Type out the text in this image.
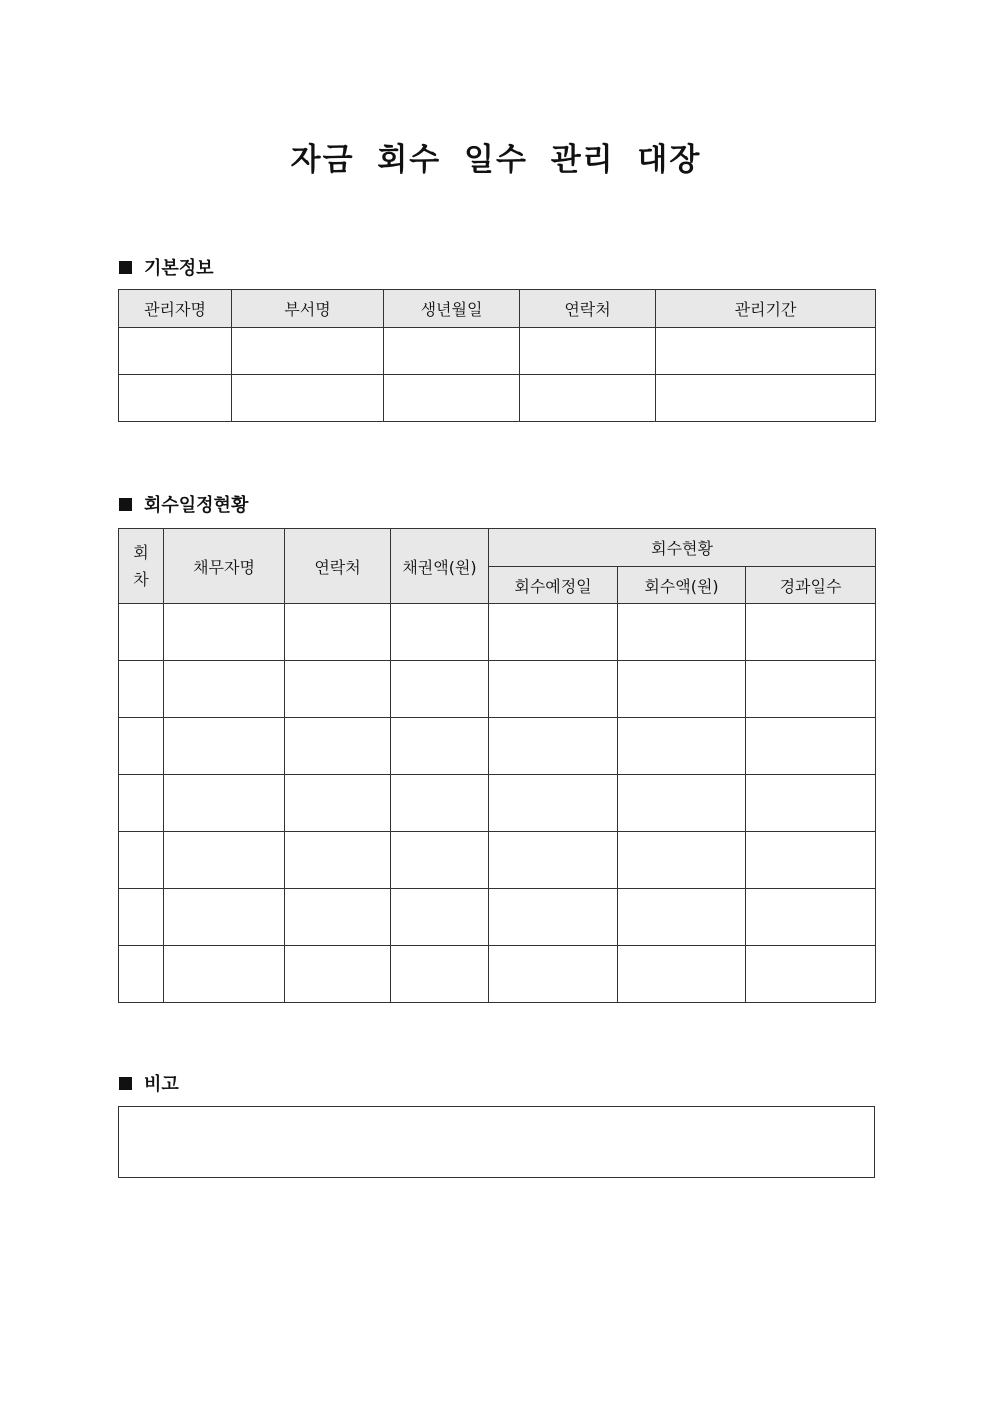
자금 회수 일수 관리 대장
기본정보
관리자명	부서명	생년월일	연락처	관리기간

회수일정현황
회
차	채무자명	연락처	채권액(원)	회수현황		
				회수예정일	회수액(원)	경과일수

비고
